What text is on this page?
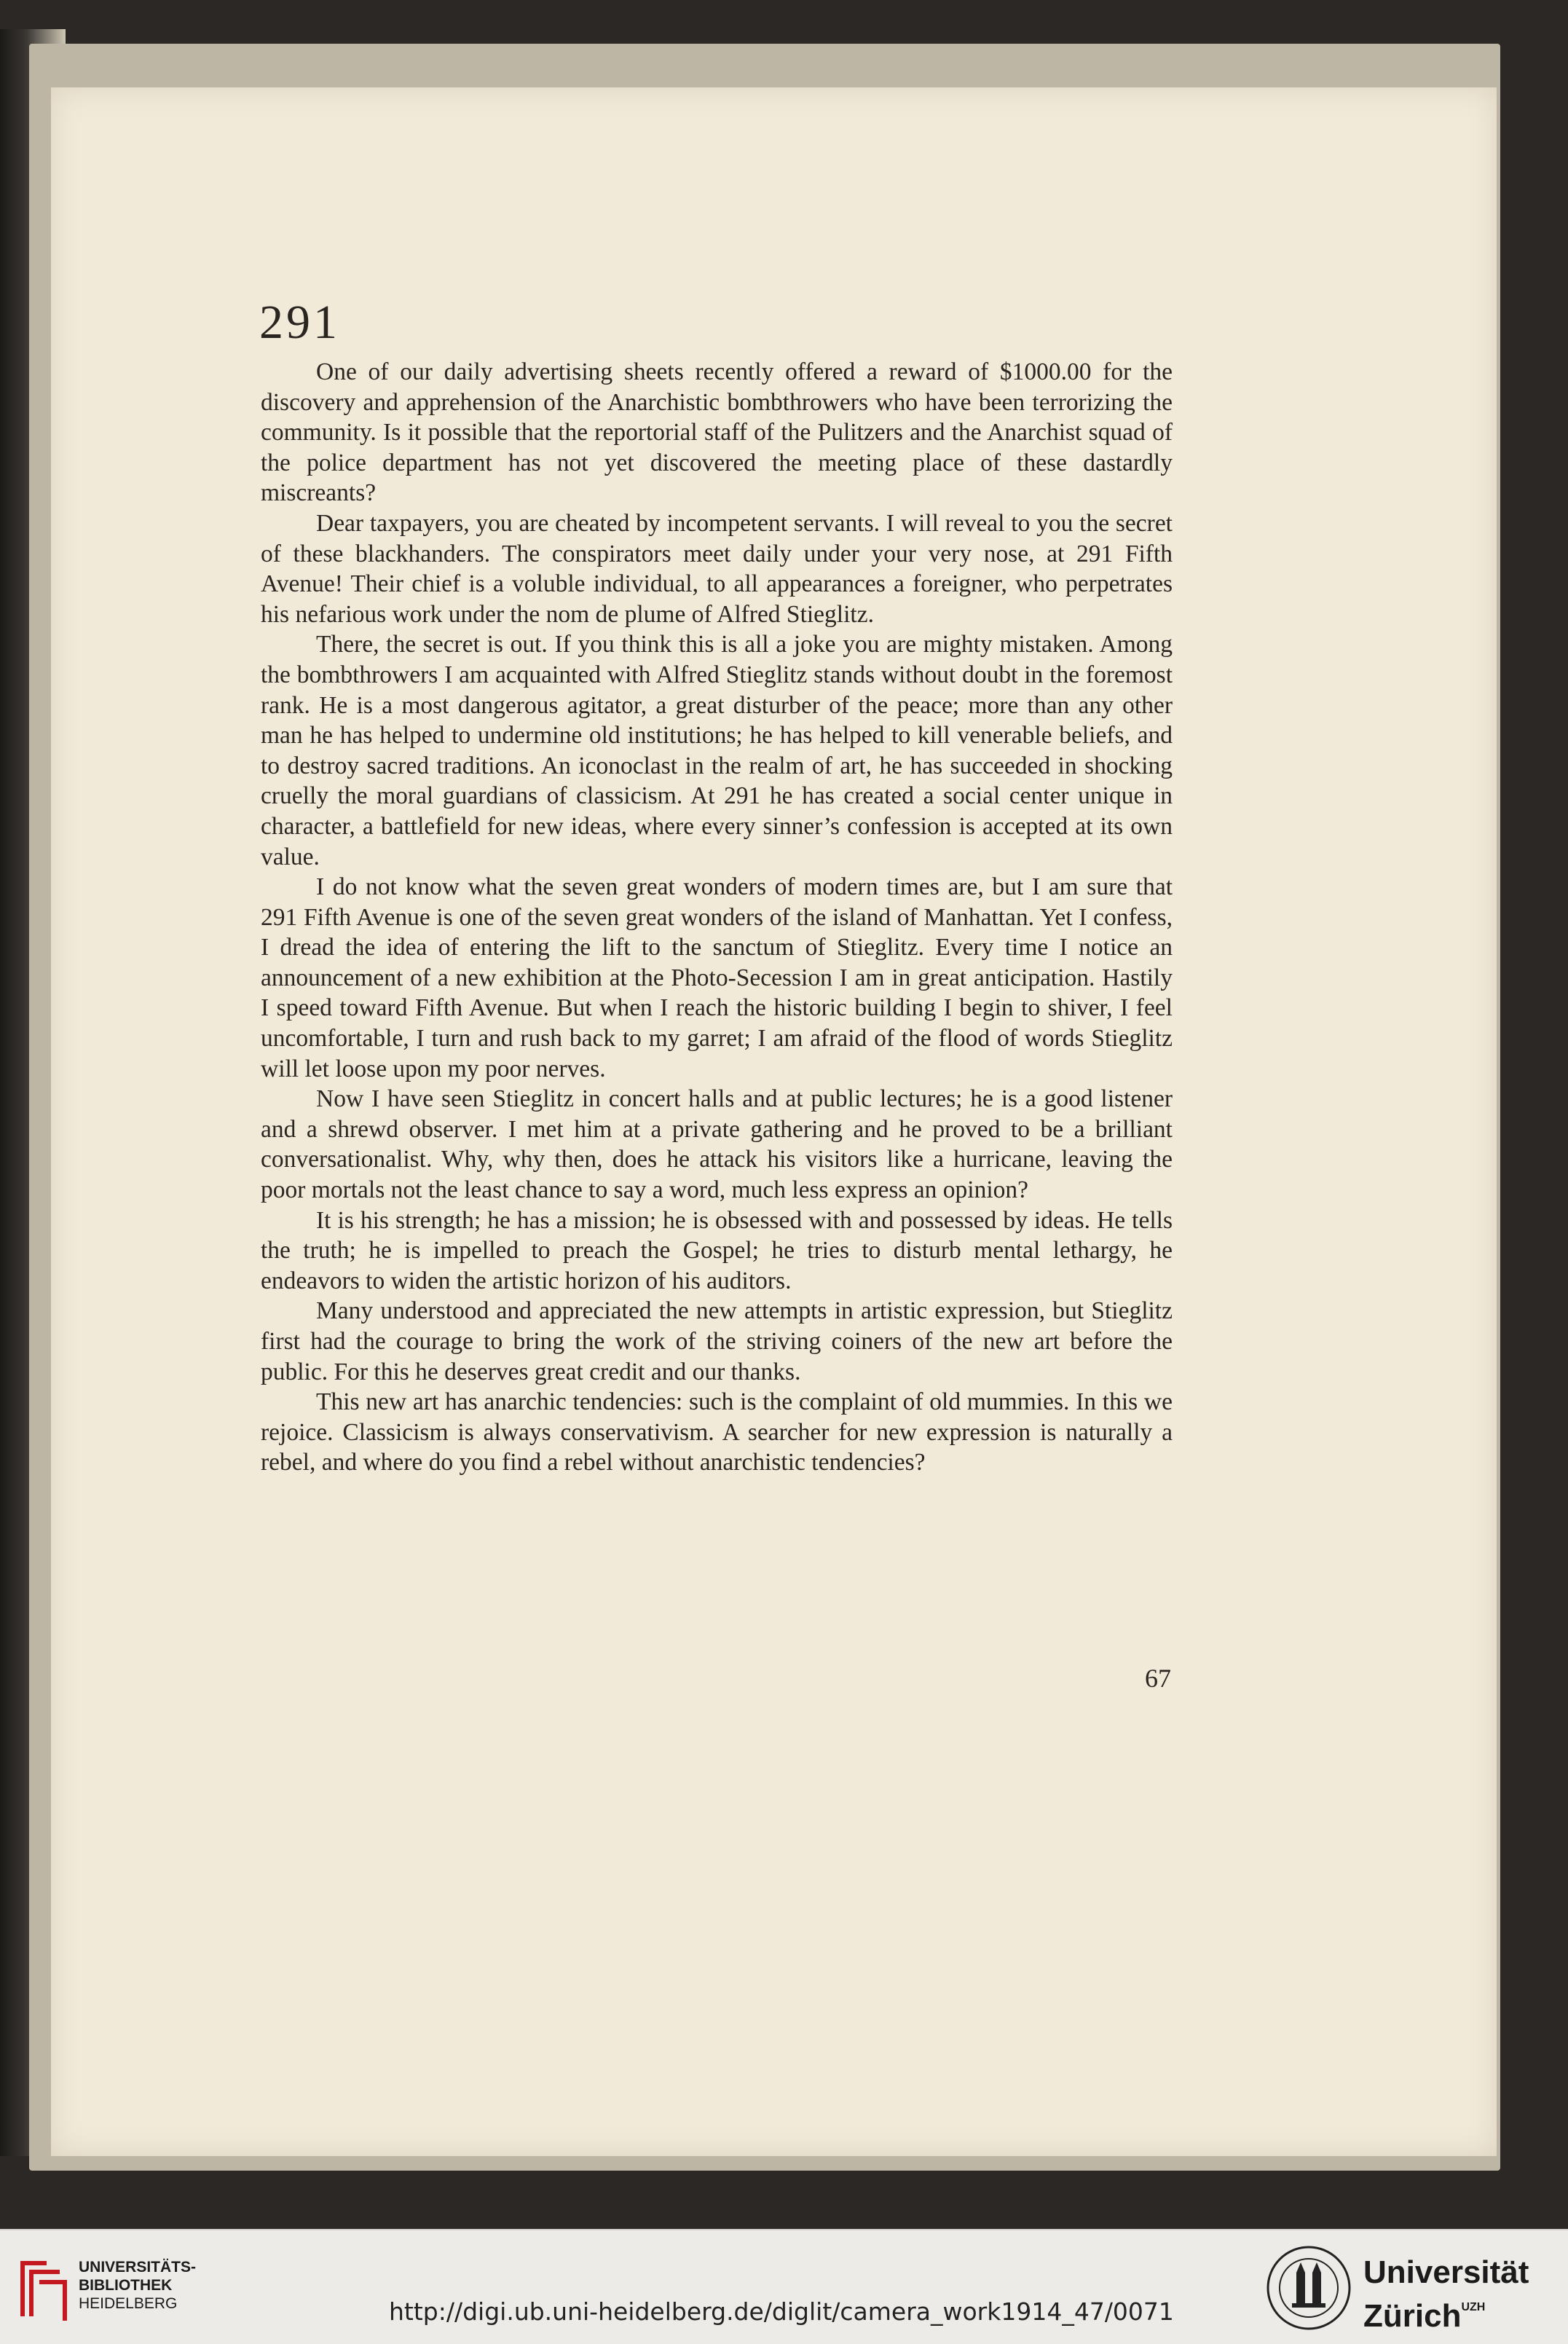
291

One of our daily advertising sheets recently offered a reward of $1000.00 for the discovery and apprehension of the Anarchistic bombthrowers who have been terrorizing the community. Is it possible that the reportorial staff of the Pulitzers and the Anarchist squad of the police department has not yet discovered the meeting place of these dastardly miscreants?

Dear taxpayers, you are cheated by incompetent servants. I will reveal to you the secret of these blackhanders. The conspirators meet daily under your very nose, at 291 Fifth Avenue! Their chief is a voluble individual, to all appearances a foreigner, who perpetrates his nefarious work under the nom de plume of Alfred Stieglitz.

There, the secret is out. If you think this is all a joke you are mighty mistaken. Among the bombthrowers I am acquainted with Alfred Stieglitz stands without doubt in the foremost rank. He is a most dangerous agitator, a great disturber of the peace; more than any other man he has helped to undermine old institutions; he has helped to kill venerable beliefs, and to destroy sacred traditions. An iconoclast in the realm of art, he has succeeded in shocking cruelly the moral guardians of classicism. At 291 he has created a social center unique in character, a battlefield for new ideas, where every sinner’s confession is accepted at its own value.

I do not know what the seven great wonders of modern times are, but I am sure that 291 Fifth Avenue is one of the seven great wonders of the island of Manhattan. Yet I confess, I dread the idea of entering the lift to the sanctum of Stieglitz. Every time I notice an announcement of a new exhibition at the Photo-Secession I am in great anticipation. Hastily I speed toward Fifth Avenue. But when I reach the historic building I begin to shiver, I feel uncomfortable, I turn and rush back to my garret; I am afraid of the flood of words Stieglitz will let loose upon my poor nerves.

Now I have seen Stieglitz in concert halls and at public lectures; he is a good listener and a shrewd observer. I met him at a private gathering and he proved to be a brilliant conversationalist. Why, why then, does he attack his visitors like a hurricane, leaving the poor mortals not the least chance to say a word, much less express an opinion?

It is his strength; he has a mission; he is obsessed with and possessed by ideas. He tells the truth; he is impelled to preach the Gospel; he tries to disturb mental lethargy, he endeavors to widen the artistic horizon of his auditors.

Many understood and appreciated the new attempts in artistic expression, but Stieglitz first had the courage to bring the work of the striving coiners of the new art before the public. For this he deserves great credit and our thanks.

This new art has anarchic tendencies: such is the complaint of old mummies. In this we rejoice. Classicism is always conservativism. A searcher for new expression is naturally a rebel, and where do you find a rebel without anarchistic tendencies?

67
UNIVERSITÄTS-
BIBLIOTHEK
HEIDELBERG	http://digi.ub.uni-heidelberg.de/diglit/camera_work1914_47/0071
Universität
Zürich$^{UZH}$
